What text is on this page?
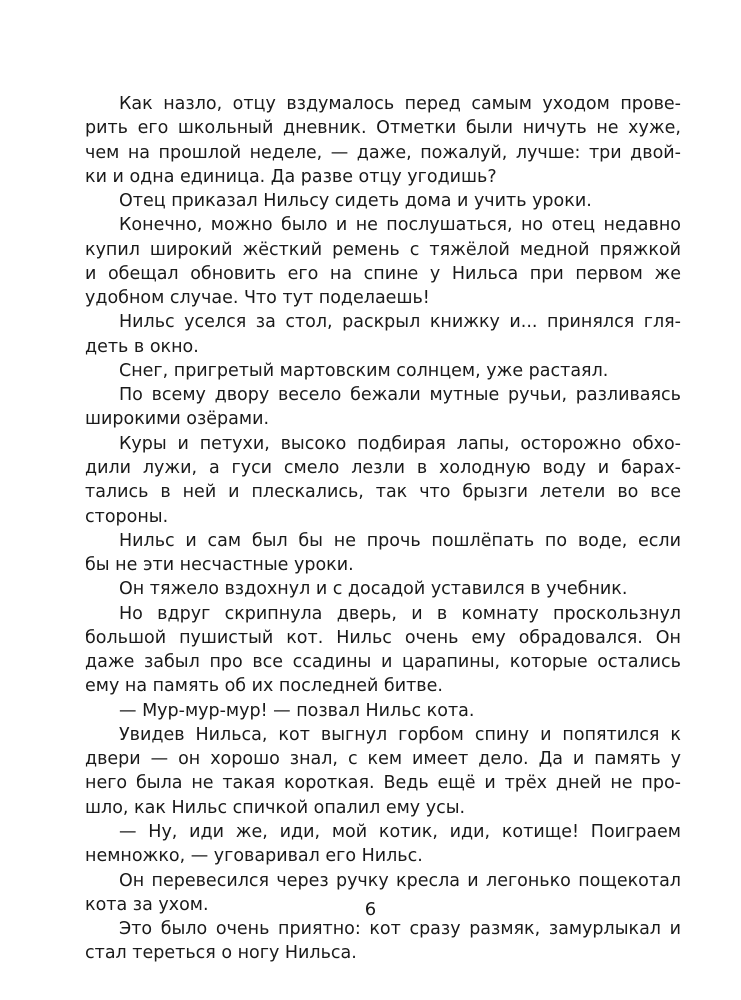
Как назло, отцу вздумалось перед самым уходом прове-
рить его школьный дневник. Отметки были ничуть не хуже,
чем на прошлой неделе, — даже, пожалуй, лучше: три двой-
ки и одна единица. Да разве отцу угодишь?
Отец приказал Нильсу сидеть дома и учить уроки.
Конечно, можно было и не послушаться, но отец недавно
купил широкий жёсткий ремень с тяжёлой медной пряжкой
и обещал обновить его на спине у Нильса при первом же
удобном случае. Что тут поделаешь!
Нильс уселся за стол, раскрыл книжку и... принялся гля-
деть в окно.
Снег, пригретый мартовским солнцем, уже растаял.
По всему двору весело бежали мутные ручьи, разливаясь
широкими озёрами.
Куры и петухи, высоко подбирая лапы, осторожно обхо-
дили лужи, а гуси смело лезли в холодную воду и барах-
тались в ней и плескались, так что брызги летели во все
стороны.
Нильс и сам был бы не прочь пошлёпать по воде, если
бы не эти несчастные уроки.
Он тяжело вздохнул и с досадой уставился в учебник.
Но вдруг скрипнула дверь, и в комнату проскользнул
большой пушистый кот. Нильс очень ему обрадовался. Он
даже забыл про все ссадины и царапины, которые остались
ему на память об их последней битве.
— Мур-мур-мур! — позвал Нильс кота.
Увидев Нильса, кот выгнул горбом спину и попятился к
двери — он хорошо знал, с кем имеет дело. Да и память у
него была не такая короткая. Ведь ещё и трёх дней не про-
шло, как Нильс спичкой опалил ему усы.
— Ну, иди же, иди, мой котик, иди, котище! Поиграем
немножко, — уговаривал его Нильс.
Он перевесился через ручку кресла и легонько пощекотал
кота за ухом.
Это было очень приятно: кот сразу размяк, замурлыкал и
стал тереться о ногу Нильса.
6
